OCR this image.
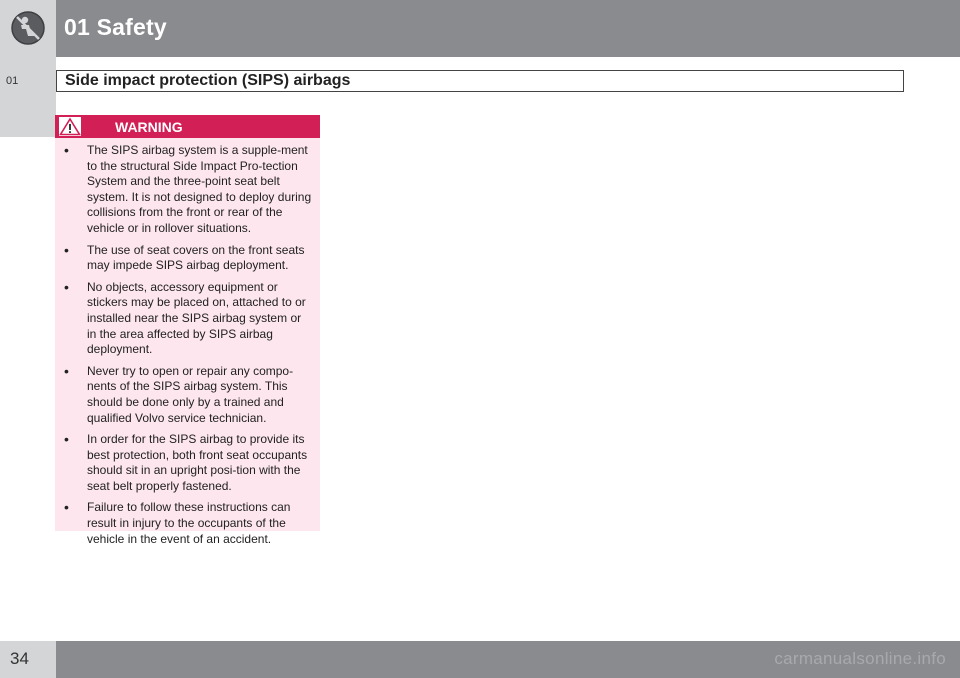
01 Safety
01	Side impact protection (SIPS) airbags
WARNING
• The SIPS airbag system is a supple-ment to the structural Side Impact Pro-tection System and the three-point seat belt system. It is not designed to deploy during collisions from the front or rear of the vehicle or in rollover situations.
• The use of seat covers on the front seats may impede SIPS airbag deployment.
• No objects, accessory equipment or stickers may be placed on, attached to or installed near the SIPS airbag system or in the area affected by SIPS airbag deployment.
• Never try to open or repair any compo-nents of the SIPS airbag system. This should be done only by a trained and qualified Volvo service technician.
• In order for the SIPS airbag to provide its best protection, both front seat occupants should sit in an upright posi-tion with the seat belt properly fastened.
• Failure to follow these instructions can result in injury to the occupants of the vehicle in the event of an accident.
34	carmanualsonline.info
